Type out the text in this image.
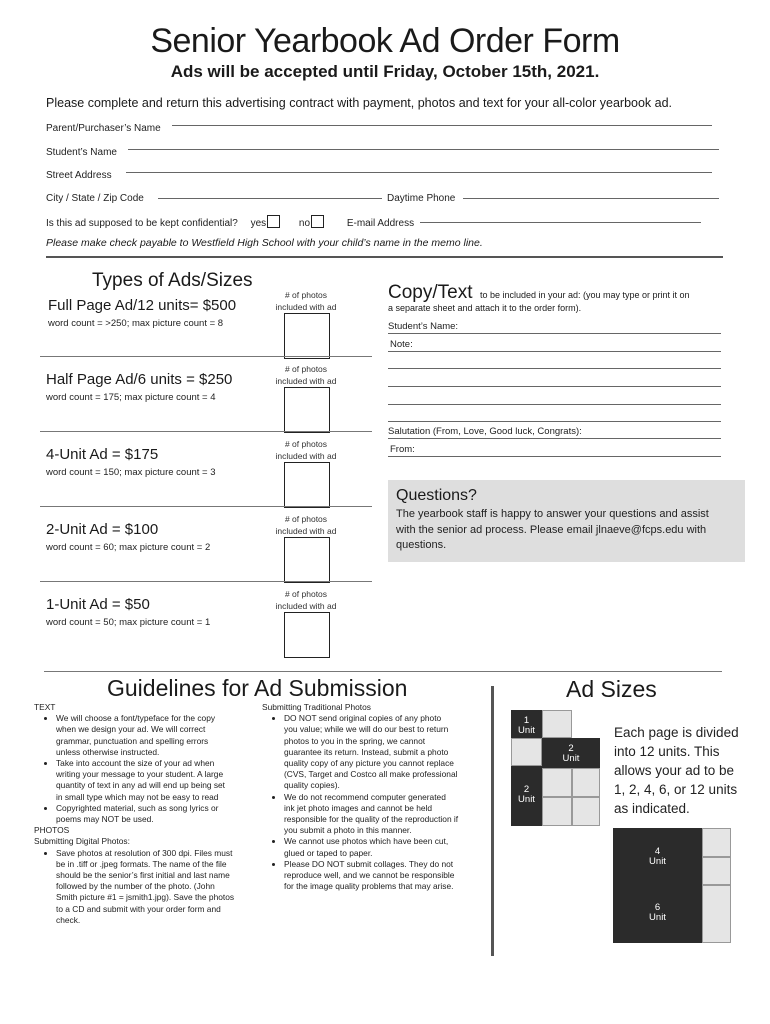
Senior Yearbook Ad Order Form
Ads will be accepted until Friday, October 15th, 2021.
Please complete and return this advertising contract with payment, photos and text for your all-color yearbook ad.
Parent/Purchaser’s Name
Student’s Name
Street Address
City / State / Zip Code	Daytime Phone
Is this ad supposed to be kept confidential? yes	no	E-mail Address
Please make check payable to Westfield High School with your child’s name in the memo line.
Types of Ads/Sizes
Full Page Ad/12 units= $500
word count = >250; max picture count = 8
# of photos
included with ad
Half Page Ad/6 units = $250
word count = 175; max picture count = 4
# of photos
included with ad
4-Unit Ad = $175
word count = 150; max picture count = 3
# of photos
included with ad
2-Unit Ad = $100
word count = 60; max picture count = 2
# of photos
included with ad
1-Unit Ad = $50
word count = 50; max picture count = 1
# of photos
included with ad
Copy/Text to be included in your ad: (you may type or print it on
a separate sheet and attach it to the order form).
Student’s Name:
Note:
Salutation (From, Love, Good luck, Congrats):
From:
Questions?
The yearbook staff is happy to answer your questions and assist
with the senior ad process. Please email jlnaeve@fcps.edu with
questions.
Guidelines for Ad Submission
TEXT
• We will choose a font/typeface for the copy
when we design your ad. We will correct
grammar, punctuation and spelling errors
unless otherwise instructed.
• Take into account the size of your ad when
writing your message to your student. A large
quantity of text in any ad will end up being set
in small type which may not be easy to read
• Copyrighted material, such as song lyrics or
poems may NOT be used.
PHOTOS
Submitting Digital Photos:
• Save photos at resolution of 300 dpi. Files must
be in .tiff or .jpeg formats. The name of the file
should be the senior’s first initial and last name
followed by the number of the photo. (John
Smith picture #1 = jsmith1.jpg). Save the photos
to a CD and submit with your order form and
check.
Submitting Traditional Photos
• DO NOT send original copies of any photo
you value; while we will do our best to return
photos to you in the spring, we cannot
guarantee its return. Instead, submit a photo
quality copy of any picture you cannot replace
(CVS, Target and Costco all make professional
quality copies).
• We do not recommend computer generated
ink jet photo images and cannot be held
responsible for the quality of the reproduction if
you submit a photo in this manner.
• We cannot use photos which have been cut,
glued or taped to paper.
• Please DO NOT submit collages. They do not
reproduce well, and we cannot be responsible
for the image quality problems that may arise.
Ad Sizes
1
Unit
2
Unit
2
Unit
Each page is divided
into 12 units. This
allows your ad to be
1, 2, 4, 6, or 12 units
as indicated.
4
Unit
6
Unit
